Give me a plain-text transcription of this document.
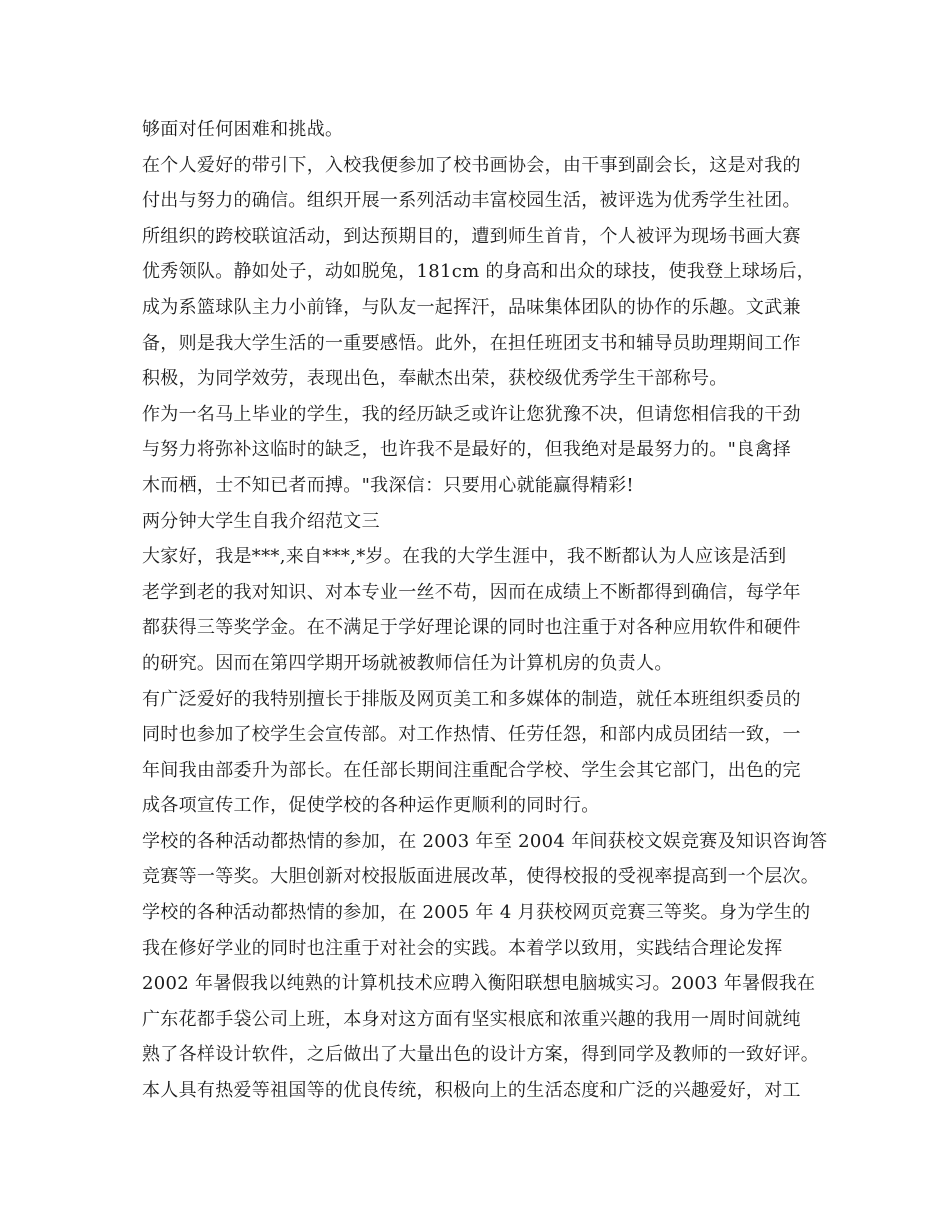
够面对任何困难和挑战。
在个人爱好的带引下，入校我便参加了校书画协会，由干事到副会长，这是对我的
付出与努力的确信。组织开展一系列活动丰富校园生活，被评选为优秀学生社团。
所组织的跨校联谊活动，到达预期目的，遭到师生首肯，个人被评为现场书画大赛
优秀领队。静如处子，动如脱兔，181cm 的身高和出众的球技，使我登上球场后，
成为系篮球队主力小前锋，与队友一起挥汗，品味集体团队的协作的乐趣。文武兼
备，则是我大学生活的一重要感悟。此外，在担任班团支书和辅导员助理期间工作
积极，为同学效劳，表现出色，奉献杰出荣，获校级优秀学生干部称号。
作为一名马上毕业的学生，我的经历缺乏或许让您犹豫不决，但请您相信我的干劲
与努力将弥补这临时的缺乏，也许我不是最好的，但我绝对是最努力的。"良禽择
木而栖，士不知已者而搏。"我深信：只要用心就能赢得精彩!
两分钟大学生自我介绍范文三
大家好，我是***,来自***,*岁。在我的大学生涯中，我不断都认为人应该是活到
老学到老的我对知识、对本专业一丝不苟，因而在成绩上不断都得到确信，每学年
都获得三等奖学金。在不满足于学好理论课的同时也注重于对各种应用软件和硬件
的研究。因而在第四学期开场就被教师信任为计算机房的负责人。
有广泛爱好的我特别擅长于排版及网页美工和多媒体的制造，就任本班组织委员的
同时也参加了校学生会宣传部。对工作热情、任劳任怨，和部内成员团结一致，一
年间我由部委升为部长。在任部长期间注重配合学校、学生会其它部门，出色的完
成各项宣传工作，促使学校的各种运作更顺利的同时行。
学校的各种活动都热情的参加，在 2003 年至 2004 年间获校文娱竞赛及知识咨询答
竞赛等一等奖。大胆创新对校报版面进展改革，使得校报的受视率提高到一个层次。
学校的各种活动都热情的参加，在 2005 年 4 月获校网页竞赛三等奖。身为学生的
我在修好学业的同时也注重于对社会的实践。本着学以致用，实践结合理论发挥
2002 年暑假我以纯熟的计算机技术应聘入衡阳联想电脑城实习。2003 年暑假我在
广东花都手袋公司上班，本身对这方面有坚实根底和浓重兴趣的我用一周时间就纯
熟了各样设计软件，之后做出了大量出色的设计方案，得到同学及教师的一致好评。
本人具有热爱等祖国等的优良传统，积极向上的生活态度和广泛的兴趣爱好，对工
